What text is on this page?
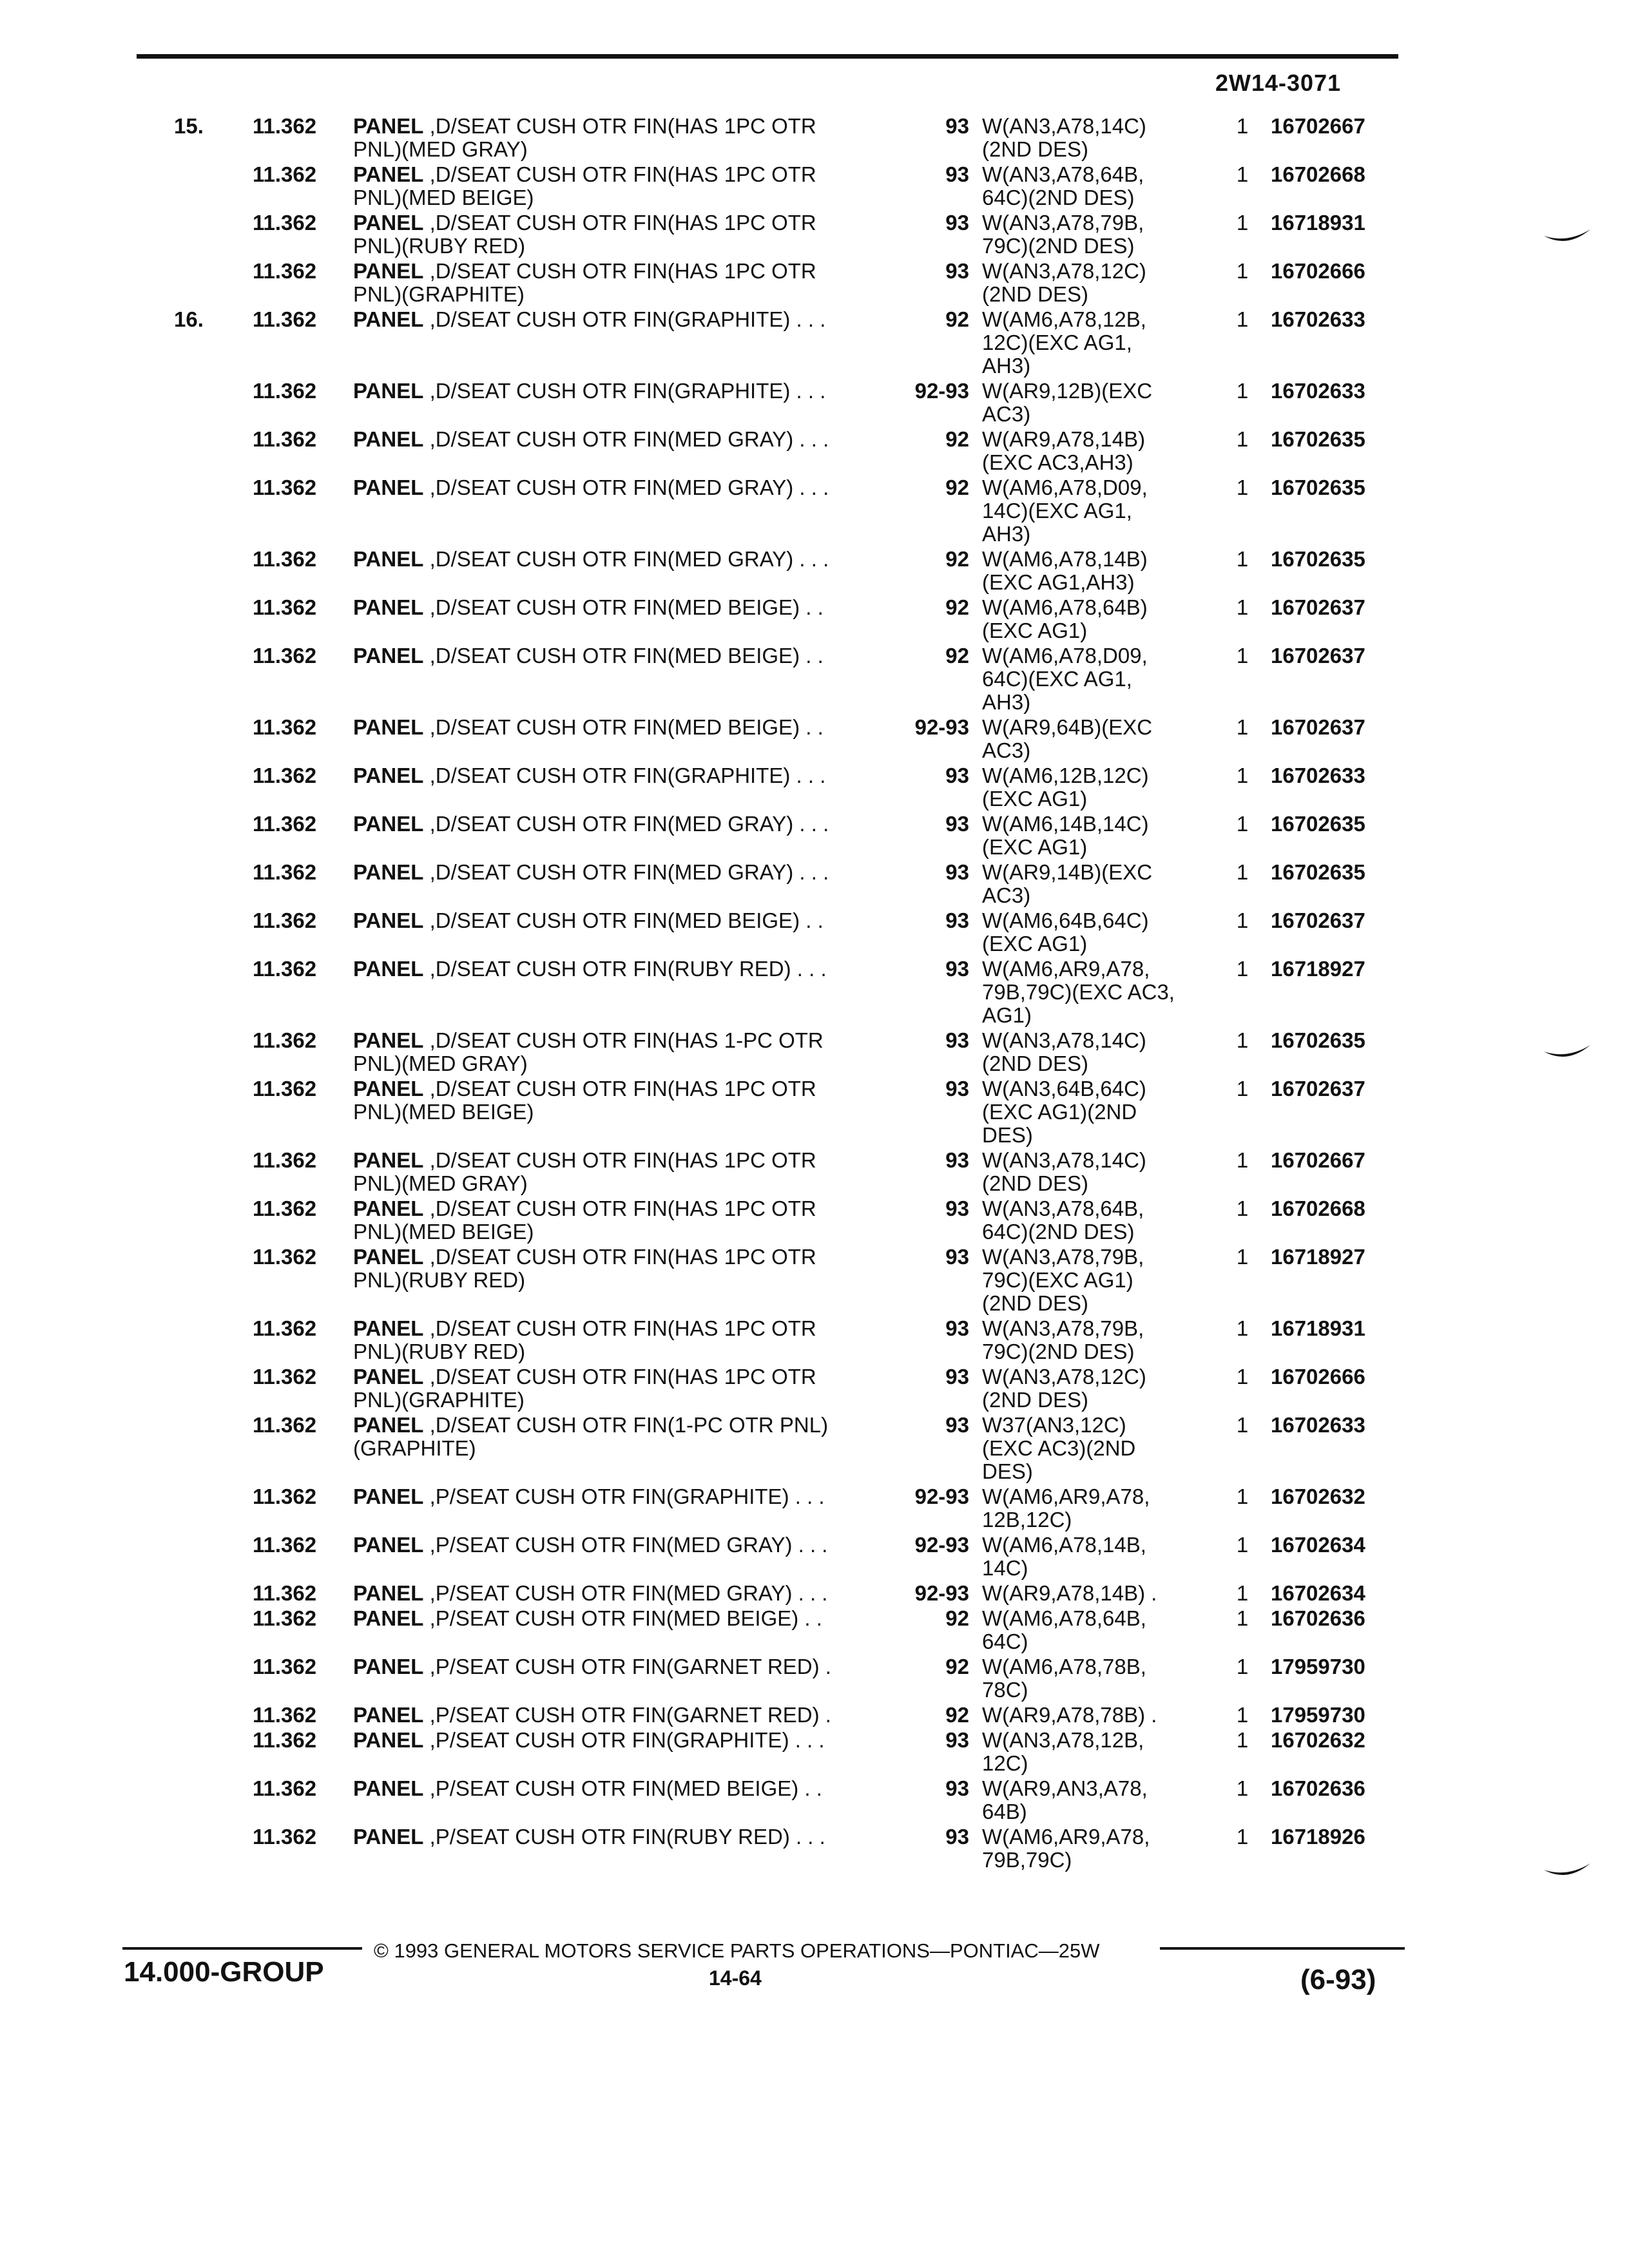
2W14-3071
15.	11.362	PANEL ,D/SEAT CUSH OTR FIN(HAS 1PC OTR
PNL)(MED GRAY)
93 W(AN3,A78,14C)
(2ND DES)
1	16702667
11.362	PANEL ,D/SEAT CUSH OTR FIN(HAS 1PC OTR
PNL)(MED BEIGE)
93 W(AN3,A78,64B,
64C)(2ND DES)
1	16702668
11.362	PANEL ,D/SEAT CUSH OTR FIN(HAS 1PC OTR
PNL)(RUBY RED)
93 W(AN3,A78,79B,
79C)(2ND DES)
1	16718931
11.362	PANEL ,D/SEAT CUSH OTR FIN(HAS 1PC OTR
PNL)(GRAPHITE)
93 W(AN3,A78,12C)
(2ND DES)
1	16702666
16.	11.362	PANEL ,D/SEAT CUSH OTR FIN(GRAPHITE) . . .	92 W(AM6,A78,12B,
12C)(EXC AG1,
AH3)
1	16702633
11.362	PANEL ,D/SEAT CUSH OTR FIN(GRAPHITE) . . .	92-93 W(AR9,12B)(EXC
AC3)
1	16702633
11.362	PANEL ,D/SEAT CUSH OTR FIN(MED GRAY) . . .	92 W(AR9,A78,14B)
(EXC AC3,AH3)
1	16702635
11.362	PANEL ,D/SEAT CUSH OTR FIN(MED GRAY) . . .	92 W(AM6,A78,D09,
14C)(EXC AG1,
AH3)
1	16702635
11.362	PANEL ,D/SEAT CUSH OTR FIN(MED GRAY) . . .	92 W(AM6,A78,14B)
(EXC AG1,AH3)
1	16702635
11.362	PANEL ,D/SEAT CUSH OTR FIN(MED BEIGE) . .	92 W(AM6,A78,64B)
(EXC AG1)
1	16702637
11.362	PANEL ,D/SEAT CUSH OTR FIN(MED BEIGE) . .	92 W(AM6,A78,D09,
64C)(EXC AG1,
AH3)
1	16702637
11.362	PANEL ,D/SEAT CUSH OTR FIN(MED BEIGE) . .	92-93 W(AR9,64B)(EXC
AC3)
1	16702637
11.362	PANEL ,D/SEAT CUSH OTR FIN(GRAPHITE) . . .	93 W(AM6,12B,12C)
(EXC AG1)
1	16702633
11.362	PANEL ,D/SEAT CUSH OTR FIN(MED GRAY) . . .	93 W(AM6,14B,14C)
(EXC AG1)
1	16702635
11.362	PANEL ,D/SEAT CUSH OTR FIN(MED GRAY) . . .	93 W(AR9,14B)(EXC
AC3)
1	16702635
11.362	PANEL ,D/SEAT CUSH OTR FIN(MED BEIGE) . .	93 W(AM6,64B,64C)
(EXC AG1)
1	16702637
11.362	PANEL ,D/SEAT CUSH OTR FIN(RUBY RED) . . .	93 W(AM6,AR9,A78,
79B,79C)(EXC AC3,
AG1)
1	16718927
11.362	PANEL ,D/SEAT CUSH OTR FIN(HAS 1-PC OTR
PNL)(MED GRAY)
93 W(AN3,A78,14C)
(2ND DES)
1	16702635
11.362	PANEL ,D/SEAT CUSH OTR FIN(HAS 1PC OTR
PNL)(MED BEIGE)
93 W(AN3,64B,64C)
(EXC AG1)(2ND
DES)
1	16702637
11.362	PANEL ,D/SEAT CUSH OTR FIN(HAS 1PC OTR
PNL)(MED GRAY)
93 W(AN3,A78,14C)
(2ND DES)
1	16702667
11.362	PANEL ,D/SEAT CUSH OTR FIN(HAS 1PC OTR
PNL)(MED BEIGE)
93 W(AN3,A78,64B,
64C)(2ND DES)
1	16702668
11.362	PANEL ,D/SEAT CUSH OTR FIN(HAS 1PC OTR
PNL)(RUBY RED)
93 W(AN3,A78,79B,
79C)(EXC AG1)
(2ND DES)
1	16718927
11.362	PANEL ,D/SEAT CUSH OTR FIN(HAS 1PC OTR
PNL)(RUBY RED)
93 W(AN3,A78,79B,
79C)(2ND DES)
1	16718931
11.362	PANEL ,D/SEAT CUSH OTR FIN(HAS 1PC OTR
PNL)(GRAPHITE)
93 W(AN3,A78,12C)
(2ND DES)
1	16702666
11.362	PANEL ,D/SEAT CUSH OTR FIN(1-PC OTR PNL)
(GRAPHITE)
93 W37(AN3,12C)
(EXC AC3)(2ND
DES)
1	16702633
11.362	PANEL ,P/SEAT CUSH OTR FIN(GRAPHITE) . . .	92-93 W(AM6,AR9,A78,
12B,12C)
1	16702632
11.362	PANEL ,P/SEAT CUSH OTR FIN(MED GRAY) . . .	92-93 W(AM6,A78,14B,
14C)
1	16702634
11.362	PANEL ,P/SEAT CUSH OTR FIN(MED GRAY) . . .	92-93 W(AR9,A78,14B) .	1	16702634
11.362	PANEL ,P/SEAT CUSH OTR FIN(MED BEIGE) . .	92 W(AM6,A78,64B,
64C)
1	16702636
11.362	PANEL ,P/SEAT CUSH OTR FIN(GARNET RED) .	92 W(AM6,A78,78B,
78C)
1	17959730
11.362	PANEL ,P/SEAT CUSH OTR FIN(GARNET RED) .	92 W(AR9,A78,78B) .	1	17959730
11.362	PANEL ,P/SEAT CUSH OTR FIN(GRAPHITE) . . .	93 W(AN3,A78,12B,
12C)
1	16702632
11.362	PANEL ,P/SEAT CUSH OTR FIN(MED BEIGE) . .	93 W(AR9,AN3,A78,
64B)
1	16702636
11.362	PANEL ,P/SEAT CUSH OTR FIN(RUBY RED) . . .	93 W(AM6,AR9,A78,
79B,79C)
1	16718926
© 1993 GENERAL MOTORS SERVICE PARTS OPERATIONS—PONTIAC—25W
14.000-GROUP	14-64	(6-93)
